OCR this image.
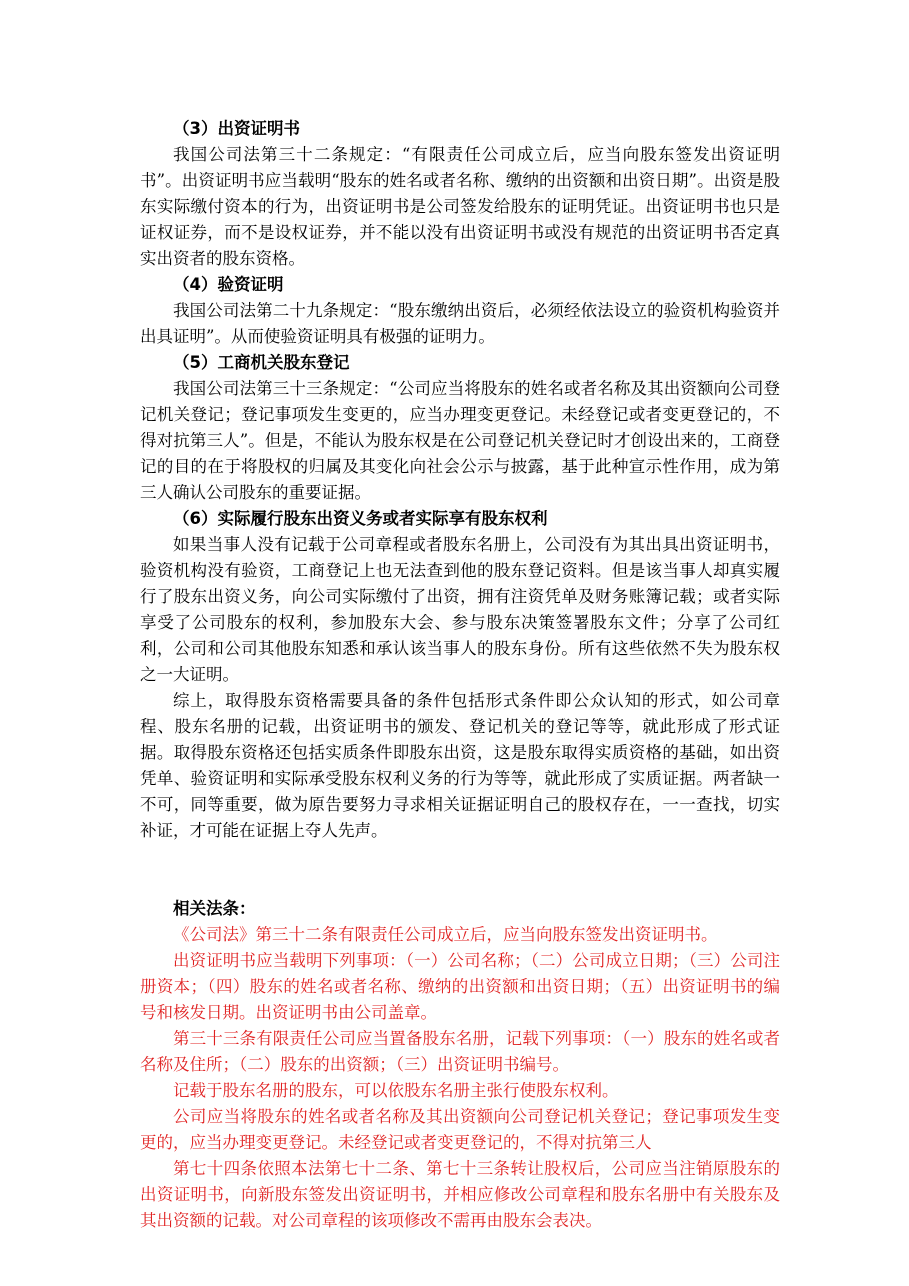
（3）出资证明书

我国公司法第三十二条规定：“有限责任公司成立后，应当向股东签发出资证明书”。出资证明书应当载明“股东的姓名或者名称、缴纳的出资额和出资日期”。出资是股东实际缴付资本的行为，出资证明书是公司签发给股东的证明凭证。出资证明书也只是证权证券，而不是设权证券，并不能以没有出资证明书或没有规范的出资证明书否定真实出资者的股东资格。

（4）验资证明

我国公司法第二十九条规定：“股东缴纳出资后，必须经依法设立的验资机构验资并出具证明”。从而使验资证明具有极强的证明力。

（5）工商机关股东登记

我国公司法第三十三条规定：“公司应当将股东的姓名或者名称及其出资额向公司登记机关登记；登记事项发生变更的，应当办理变更登记。未经登记或者变更登记的，不得对抗第三人”。但是，不能认为股东权是在公司登记机关登记时才创设出来的，工商登记的目的在于将股权的归属及其变化向社会公示与披露，基于此种宣示性作用，成为第三人确认公司股东的重要证据。

（6）实际履行股东出资义务或者实际享有股东权利

如果当事人没有记载于公司章程或者股东名册上，公司没有为其出具出资证明书，验资机构没有验资，工商登记上也无法查到他的股东登记资料。但是该当事人却真实履行了股东出资义务，向公司实际缴付了出资，拥有注资凭单及财务账簿记载；或者实际享受了公司股东的权利，参加股东大会、参与股东决策签署股东文件；分享了公司红利，公司和公司其他股东知悉和承认该当事人的股东身份。所有这些依然不失为股东权之一大证明。

综上，取得股东资格需要具备的条件包括形式条件即公众认知的形式，如公司章程、股东名册的记载，出资证明书的颁发、登记机关的登记等等，就此形成了形式证据。取得股东资格还包括实质条件即股东出资，这是股东取得实质资格的基础，如出资凭单、验资证明和实际承受股东权利义务的行为等等，就此形成了实质证据。两者缺一不可，同等重要，做为原告要努力寻求相关证据证明自己的股权存在，一一查找，切实补证，才可能在证据上夺人先声。

相关法条：

《公司法》第三十二条有限责任公司成立后，应当向股东签发出资证明书。

出资证明书应当载明下列事项：（一）公司名称；（二）公司成立日期；（三）公司注册资本；（四）股东的姓名或者名称、缴纳的出资额和出资日期；（五）出资证明书的编号和核发日期。出资证明书由公司盖章。

第三十三条有限责任公司应当置备股东名册，记载下列事项：（一）股东的姓名或者名称及住所；（二）股东的出资额；（三）出资证明书编号。

记载于股东名册的股东，可以依股东名册主张行使股东权利。

公司应当将股东的姓名或者名称及其出资额向公司登记机关登记；登记事项发生变更的，应当办理变更登记。未经登记或者变更登记的，不得对抗第三人

第七十四条依照本法第七十二条、第七十三条转让股权后，公司应当注销原股东的出资证明书，向新股东签发出资证明书，并相应修改公司章程和股东名册中有关股东及其出资额的记载。对公司章程的该项修改不需再由股东会表决。
